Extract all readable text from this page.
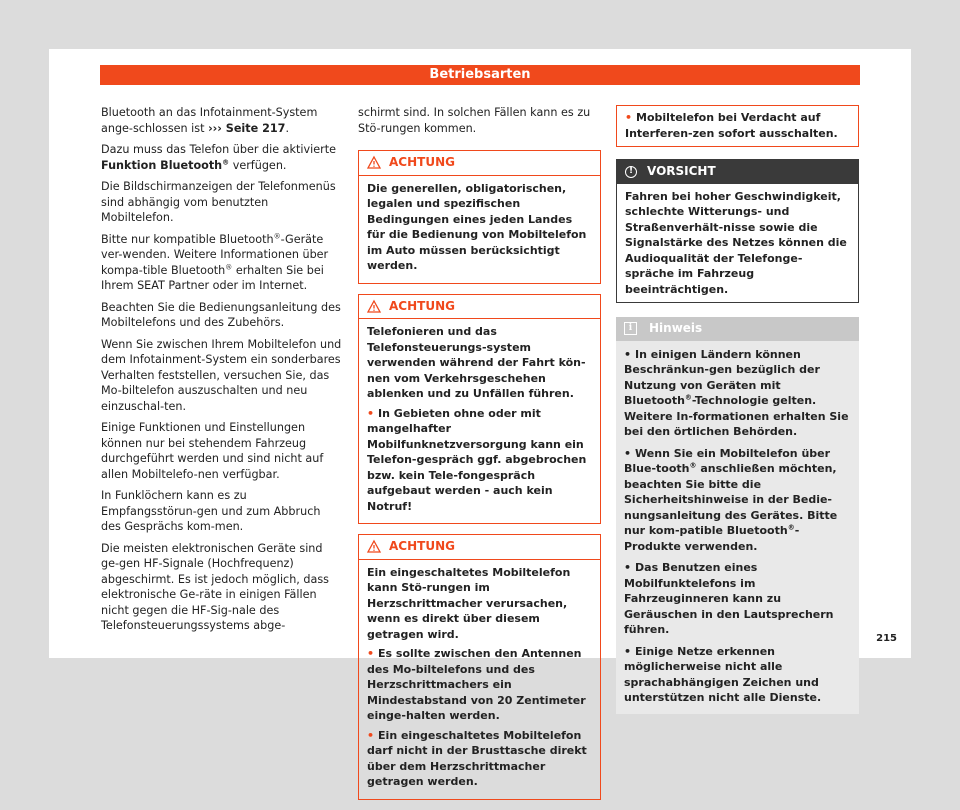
Betriebsarten

Bluetooth an das Infotainment-System ange-schlossen ist ››› Seite 217.

Dazu muss das Telefon über die aktivierte Funktion Bluetooth® verfügen.

Die Bildschirmanzeigen der Telefonmenüs sind abhängig vom benutzten Mobiltelefon.

Bitte nur kompatible Bluetooth®-Geräte ver-wenden. Weitere Informationen über kompa-tible Bluetooth® erhalten Sie bei Ihrem SEAT Partner oder im Internet.

Beachten Sie die Bedienungsanleitung des Mobiltelefons und des Zubehörs.

Wenn Sie zwischen Ihrem Mobiltelefon und dem Infotainment-System ein sonderbares Verhalten feststellen, versuchen Sie, das Mo-biltelefon auszuschalten und neu einzuschal-ten.

Einige Funktionen und Einstellungen können nur bei stehendem Fahrzeug durchgeführt werden und sind nicht auf allen Mobiltelefo-nen verfügbar.

In Funklöchern kann es zu Empfangsstörun-gen und zum Abbruch des Gesprächs kom-men.

Die meisten elektronischen Geräte sind ge-gen HF-Signale (Hochfrequenz) abgeschirmt. Es ist jedoch möglich, dass elektronische Ge-räte in einigen Fällen nicht gegen die HF-Sig-nale des Telefonsteuerungssystems abge-

schirmt sind. In solchen Fällen kann es zu Stö-rungen kommen.

ACHTUNG

Die generellen, obligatorischen, legalen und spezifischen Bedingungen eines jeden Landes für die Bedienung von Mobiltelefon im Auto müssen berücksichtigt werden.

ACHTUNG

Telefonieren und das Telefonsteuerungs-system verwenden während der Fahrt kön-nen vom Verkehrsgeschehen ablenken und zu Unfällen führen.

• In Gebieten ohne oder mit mangelhafter Mobilfunknetzversorgung kann ein Telefon-gespräch ggf. abgebrochen bzw. kein Tele-fongespräch aufgebaut werden - auch kein Notruf!

ACHTUNG

Ein eingeschaltetes Mobiltelefon kann Stö-rungen im Herzschrittmacher verursachen, wenn es direkt über diesem getragen wird.

• Es sollte zwischen den Antennen des Mo-biltelefons und des Herzschrittmachers ein Mindestabstand von 20 Zentimeter einge-halten werden.

• Ein eingeschaltetes Mobiltelefon darf nicht in der Brusttasche direkt über dem Herzschrittmacher getragen werden.

• Mobiltelefon bei Verdacht auf Interferen-zen sofort ausschalten.

!	VORSICHT
Fahren bei hoher Geschwindigkeit, schlechte Witterungs- und Straßenverhält-nisse sowie die Signalstärke des Netzes können die Audioqualität der Telefonge-spräche im Fahrzeug beeinträchtigen.
i	Hinweis

• In einigen Ländern können Beschränkun-gen bezüglich der Nutzung von Geräten mit Bluetooth®-Technologie gelten. Weitere In-formationen erhalten Sie bei den örtlichen Behörden.

• Wenn Sie ein Mobiltelefon über Blue-tooth® anschließen möchten, beachten Sie bitte die Sicherheitshinweise in der Bedie-nungsanleitung des Gerätes. Bitte nur kom-patible Bluetooth®-Produkte verwenden.

• Das Benutzen eines Mobilfunktelefons im Fahrzeuginneren kann zu Geräuschen in den Lautsprechern führen.

• Einige Netze erkennen möglicherweise nicht alle sprachabhängigen Zeichen und unterstützen nicht alle Dienste.

215
